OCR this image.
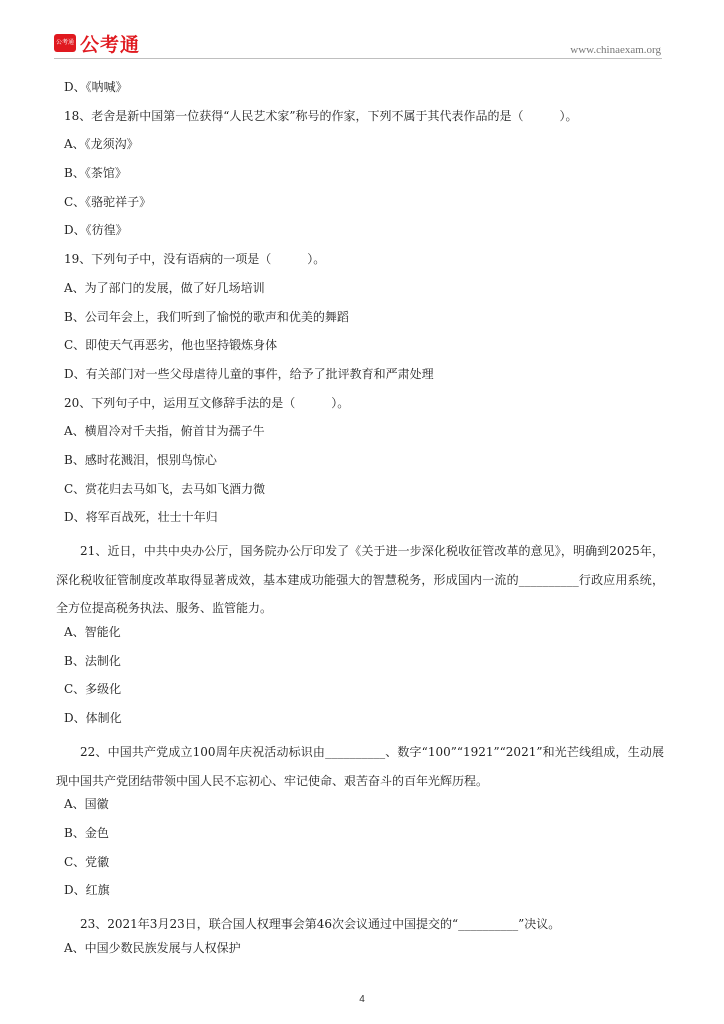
公考通 公考通	www.chinaexam.org
D、《呐喊》
18、老舍是新中国第一位获得“人民艺术家”称号的作家，下列不属于其代表作品的是（　　　）。
A、《龙须沟》
B、《茶馆》
C、《骆驼祥子》
D、《彷徨》
19、下列句子中，没有语病的一项是（　　　）。
A、为了部门的发展，做了好几场培训
B、公司年会上，我们听到了愉悦的歌声和优美的舞蹈
C、即使天气再恶劣，他也坚持锻炼身体
D、有关部门对一些父母虐待儿童的事件，给予了批评教育和严肃处理
20、下列句子中，运用互文修辞手法的是（　　　）。
A、横眉冷对千夫指，俯首甘为孺子牛
B、感时花溅泪，恨别鸟惊心
C、赏花归去马如飞，去马如飞酒力微
D、将军百战死，壮士十年归
21、近日，中共中央办公厅，国务院办公厅印发了《关于进一步深化税收征管改革的意见》，明确到2025年，深化税收征管制度改革取得显著成效，基本建成功能强大的智慧税务，形成国内一流的__________行政应用系统，全方位提高税务执法、服务、监管能力。
A、智能化
B、法制化
C、多级化
D、体制化
22、中国共产党成立100周年庆祝活动标识由__________、数字“100”“1921”“2021”和光芒线组成，生动展现中国共产党团结带领中国人民不忘初心、牢记使命、艰苦奋斗的百年光辉历程。
A、国徽
B、金色
C、党徽
D、红旗
23、2021年3月23日，联合国人权理事会第46次会议通过中国提交的“__________”决议。
A、中国少数民族发展与人权保护
4
